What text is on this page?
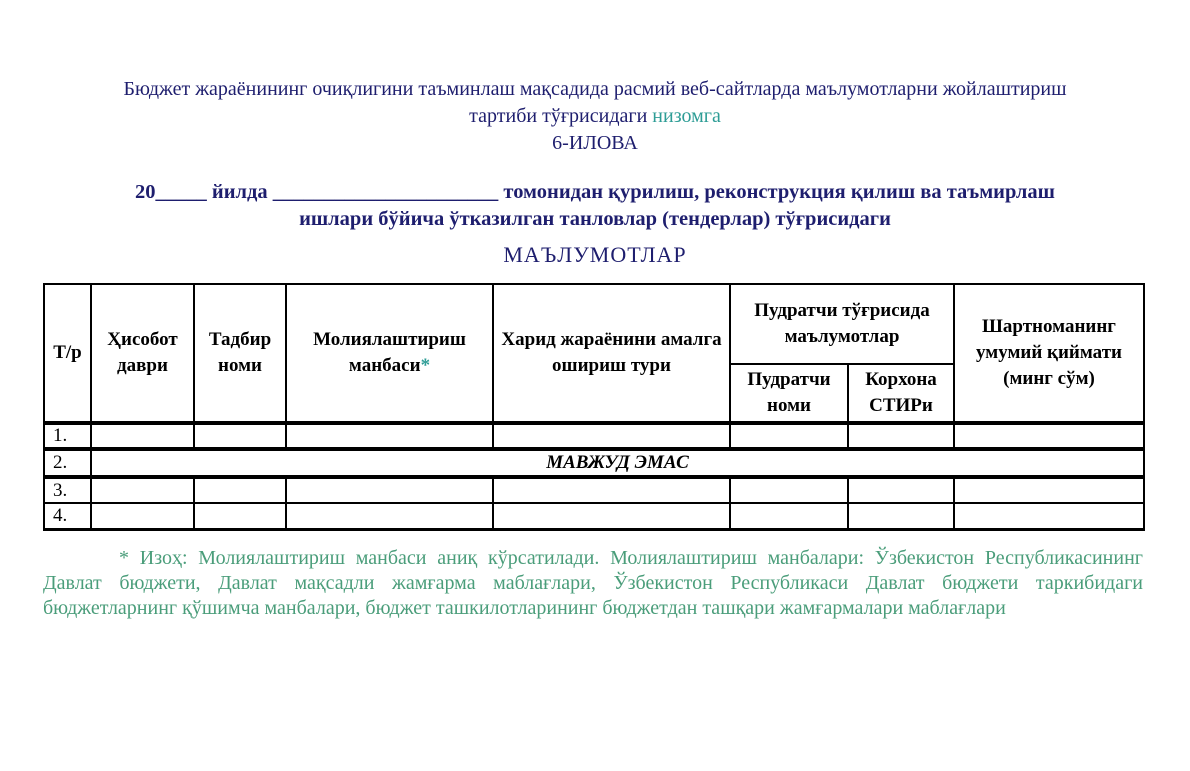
Бюджет жараёнининг очиқлигини таъминлаш мақсадида расмий веб-сайтларда маълумотларни жойлаштириш
тартиби тўғрисидаги низомга
6-ИЛОВА
20_____ йилда ______________________ томонидан қурилиш, реконструкция қилиш ва таъмирлаш
ишлари бўйича ўтказилган танловлар (тендерлар) тўғрисидаги
МАЪЛУМОТЛАР
Т/р	Ҳисобот даври	Тадбир номи	Молиялаштириш манбаси*	Харид жараёнини амалга ошириш тури	Пудратчи тўғрисида маълумотлар		Шартноманинг умумий қиймати (минг сўм)
					Пудратчи номи	Корхона СТИРи	
1.							
2.	МАВЖУД ЭМАС						
3.							
4.							
* Изоҳ: Молиялаштириш манбаси аниқ кўрсатилади. Молиялаштириш манбалари: Ўзбекистон Республикасининг Давлат бюджети, Давлат мақсадли жамғарма маблағлари, Ўзбекистон Республикаси Давлат бюджети таркибидаги бюджетларнинг қўшимча манбалари, бюджет ташкилотларининг бюджетдан ташқари жамғармалари маблағлари
